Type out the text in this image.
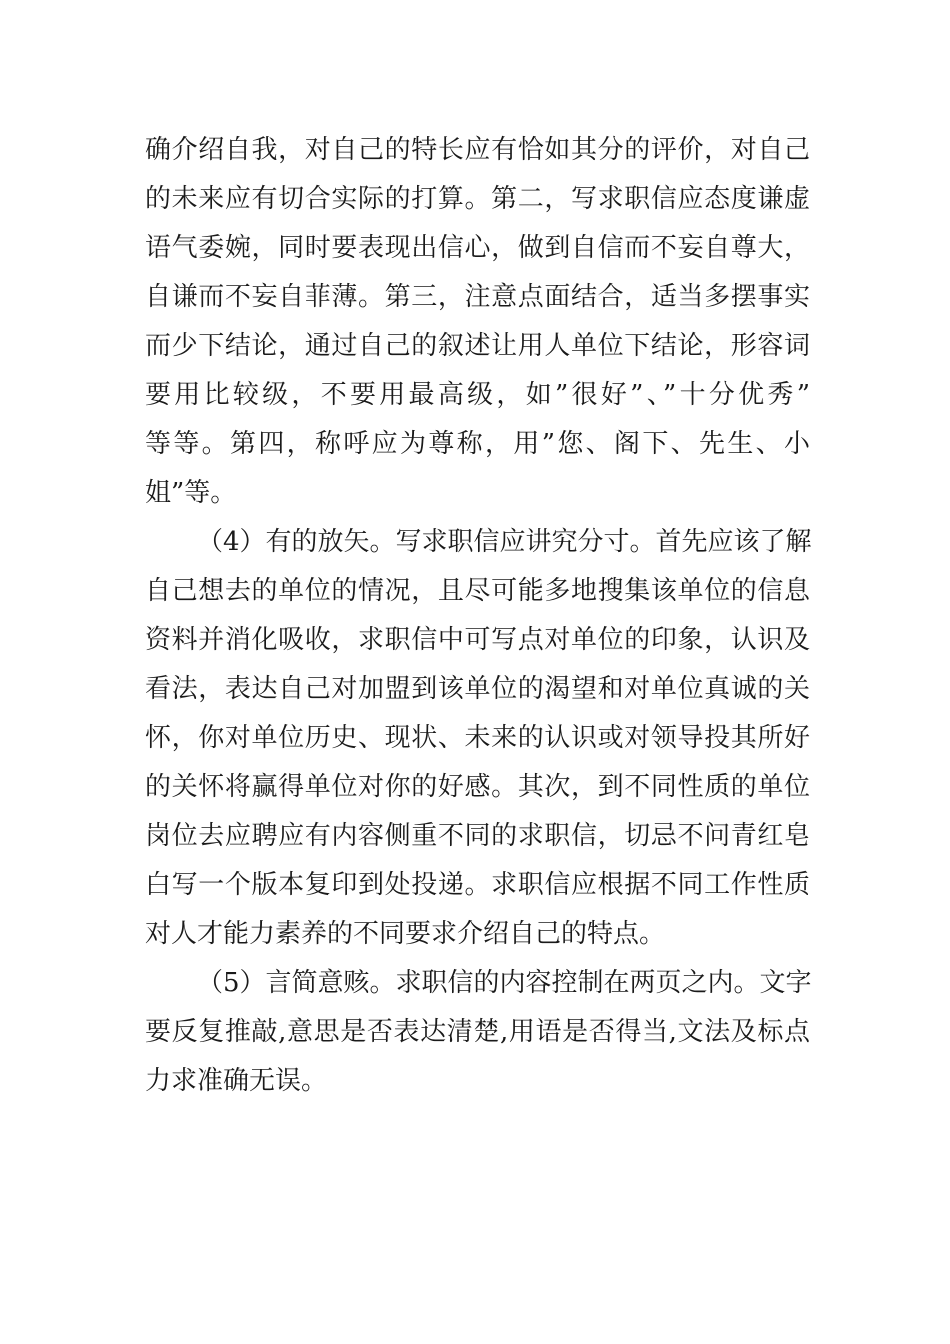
确介绍自我，对自己的特长应有恰如其分的评价，对自己
的未来应有切合实际的打算。第二，写求职信应态度谦虚
语气委婉，同时要表现出信心，做到自信而不妄自尊大，
自谦而不妄自菲薄。第三，注意点面结合，适当多摆事实
而少下结论，通过自己的叙述让用人单位下结论，形容词
要用比较级，不要用最高级，如”很好”、”十分优秀”
等等。第四，称呼应为尊称，用”您、阁下、先生、小
姐”等。
（4）有的放矢。写求职信应讲究分寸。首先应该了解
自己想去的单位的情况，且尽可能多地搜集该单位的信息
资料并消化吸收，求职信中可写点对单位的印象，认识及
看法，表达自己对加盟到该单位的渴望和对单位真诚的关
怀，你对单位历史、现状、未来的认识或对领导投其所好
的关怀将赢得单位对你的好感。其次，到不同性质的单位
岗位去应聘应有内容侧重不同的求职信，切忌不问青红皂
白写一个版本复印到处投递。求职信应根据不同工作性质
对人才能力素养的不同要求介绍自己的特点。
（5）言简意赅。求职信的内容控制在两页之内。文字
要反复推敲,意思是否表达清楚,用语是否得当,文法及标点
力求准确无误。
